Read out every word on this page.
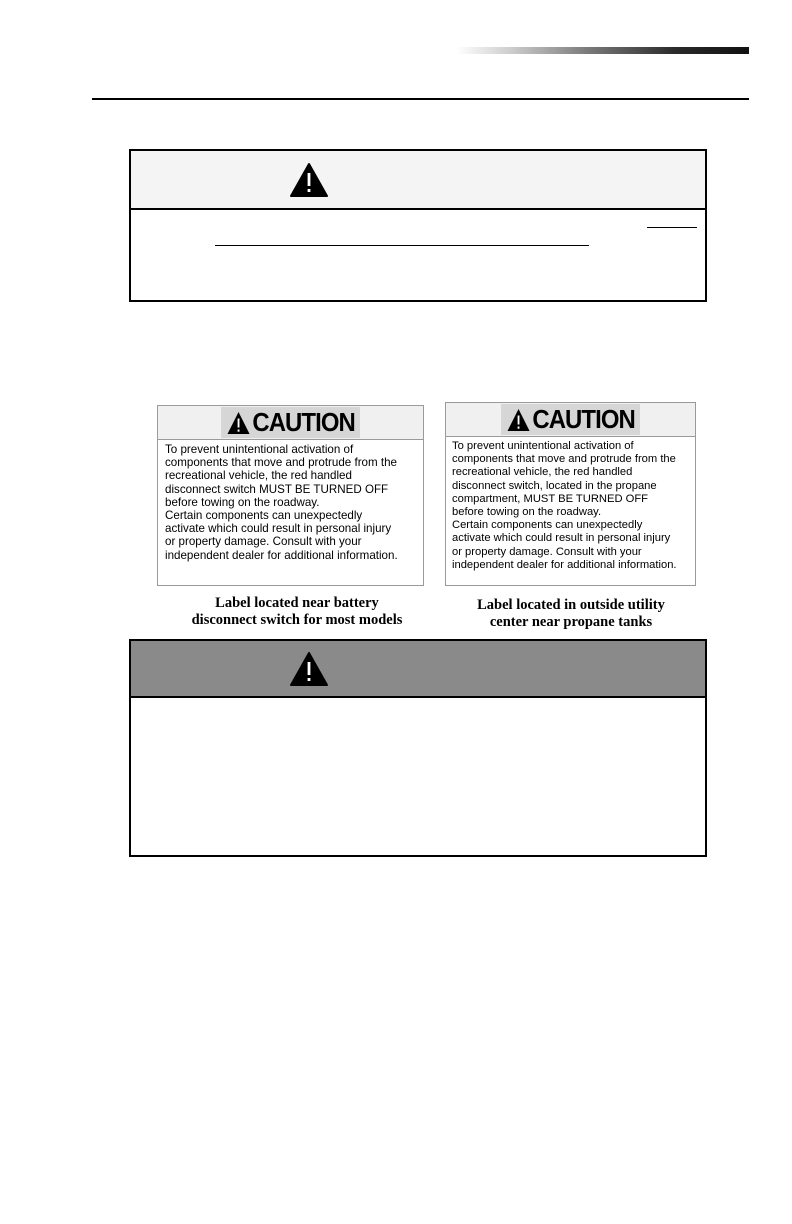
CAUTION
To prevent unintentional activation of
components that move and protrude from the
recreational vehicle, the red handled
disconnect switch MUST BE TURNED OFF
before towing on the roadway.
Certain components can unexpectedly
activate which could result in personal injury
or property damage. Consult with your
independent dealer for additional information.
CAUTION
To prevent unintentional activation of
components that move and protrude from the
recreational vehicle, the red handled
disconnect switch, located in the propane
compartment, MUST BE TURNED OFF
before towing on the roadway.
Certain components can unexpectedly
activate which could result in personal injury
or property damage. Consult with your
independent dealer for additional information.
Label located near battery
disconnect switch for most models
Label located in outside utility
center near propane tanks
